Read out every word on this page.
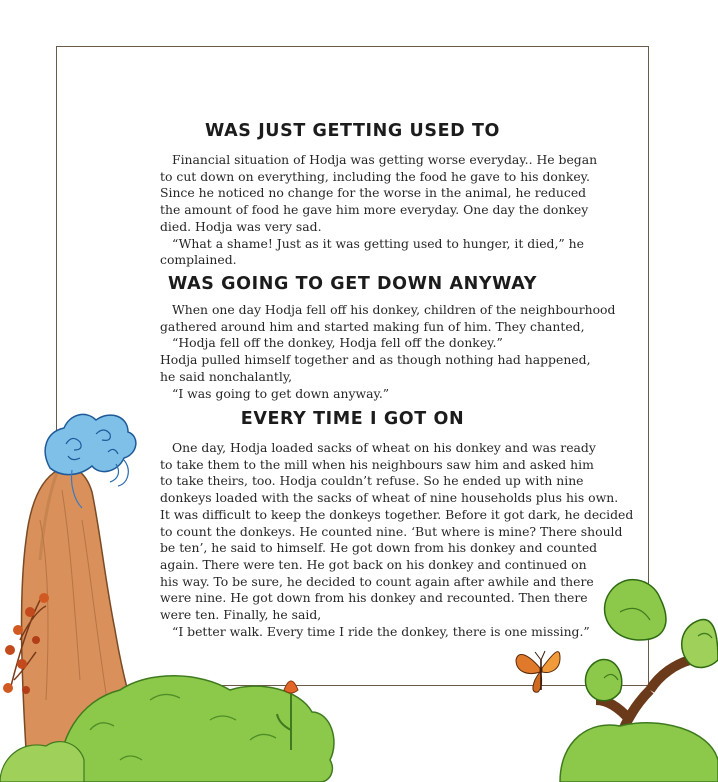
WAS JUST GETTING USED TO

Financial situation of Hodja was getting worse everyday.. He began

to cut down on everything, including the food he gave to his donkey.

Since he noticed no change for the worse in the animal, he reduced

the amount of food he gave him more everyday. One day the donkey

died. Hodja was very sad.

“What a shame! Just as it was getting used to hunger, it died,” he

complained.

WAS GOING TO GET DOWN ANYWAY

When one day Hodja fell off his donkey, children of the neighbourhood

gathered around him and started making fun of him. They chanted,

“Hodja fell off the donkey, Hodja fell off the donkey.”

Hodja pulled himself together and as though nothing had happened,

he said nonchalantly,

“I was going to get down anyway.”

EVERY TIME I GOT ON

One day, Hodja loaded sacks of wheat on his donkey and was ready

to take them to the mill when his neighbours saw him and asked him

to take theirs, too. Hodja couldn’t refuse. So he ended up with nine

donkeys loaded with the sacks of wheat of nine households plus his own.

It was difficult to keep the donkeys together. Before it got dark, he decided

to count the donkeys. He counted nine. ‘But where is mine? There should

be ten’, he said to himself. He got down from his donkey and counted

again. There were ten. He got back on his donkey and continued on

his way. To be sure, he decided to count again after awhile and there

were nine. He got down from his donkey and recounted. Then there

were ten. Finally, he said,

“I better walk. Every time I ride the donkey, there is one missing.”
